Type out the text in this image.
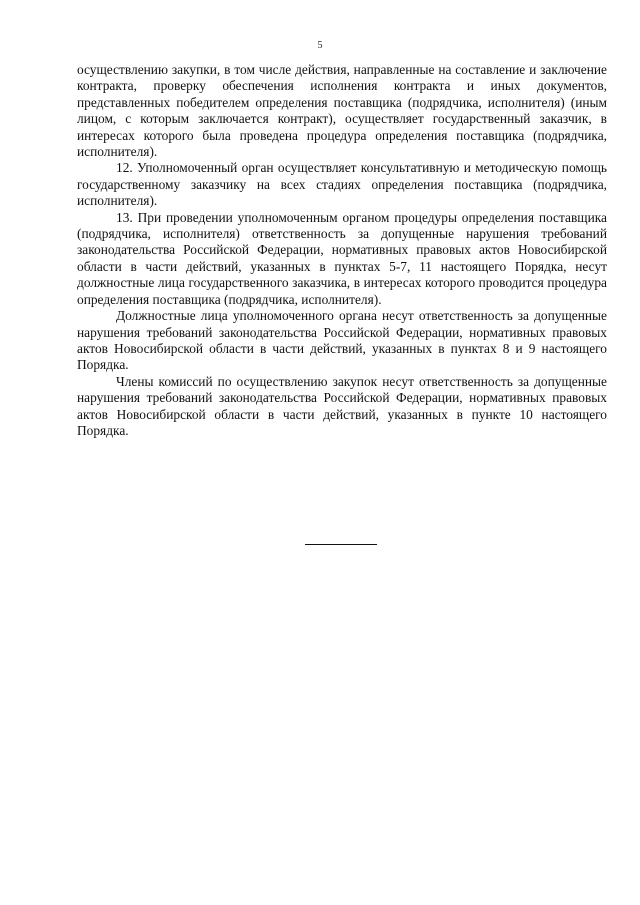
5

осуществлению закупки, в том числе действия, направленные на составление и заключение контракта, проверку обеспечения исполнения контракта и иных документов, представленных победителем определения поставщика (подрядчика, исполнителя) (иным лицом, с которым заключается контракт), осуществляет государственный заказчик, в интересах которого была проведена процедура определения поставщика (подрядчика, исполнителя).

12. Уполномоченный орган осуществляет консультативную и методическую помощь государственному заказчику на всех стадиях определения поставщика (подрядчика, исполнителя).

13. При проведении уполномоченным органом процедуры определения поставщика (подрядчика, исполнителя) ответственность за допущенные нарушения требований законодательства Российской Федерации, нормативных правовых актов Новосибирской области в части действий, указанных в пунктах 5-7, 11 настоящего Порядка, несут должностные лица государственного заказчика, в интересах которого проводится процедура определения поставщика (подрядчика, исполнителя).

Должностные лица уполномоченного органа несут ответственность за допущенные нарушения требований законодательства Российской Федерации, нормативных правовых актов Новосибирской области в части действий, указанных в пунктах 8 и 9 настоящего Порядка.

Члены комиссий по осуществлению закупок несут ответственность за допущенные нарушения требований законодательства Российской Федерации, нормативных правовых актов Новосибирской области в части действий, указанных в пункте 10 настоящего Порядка.
